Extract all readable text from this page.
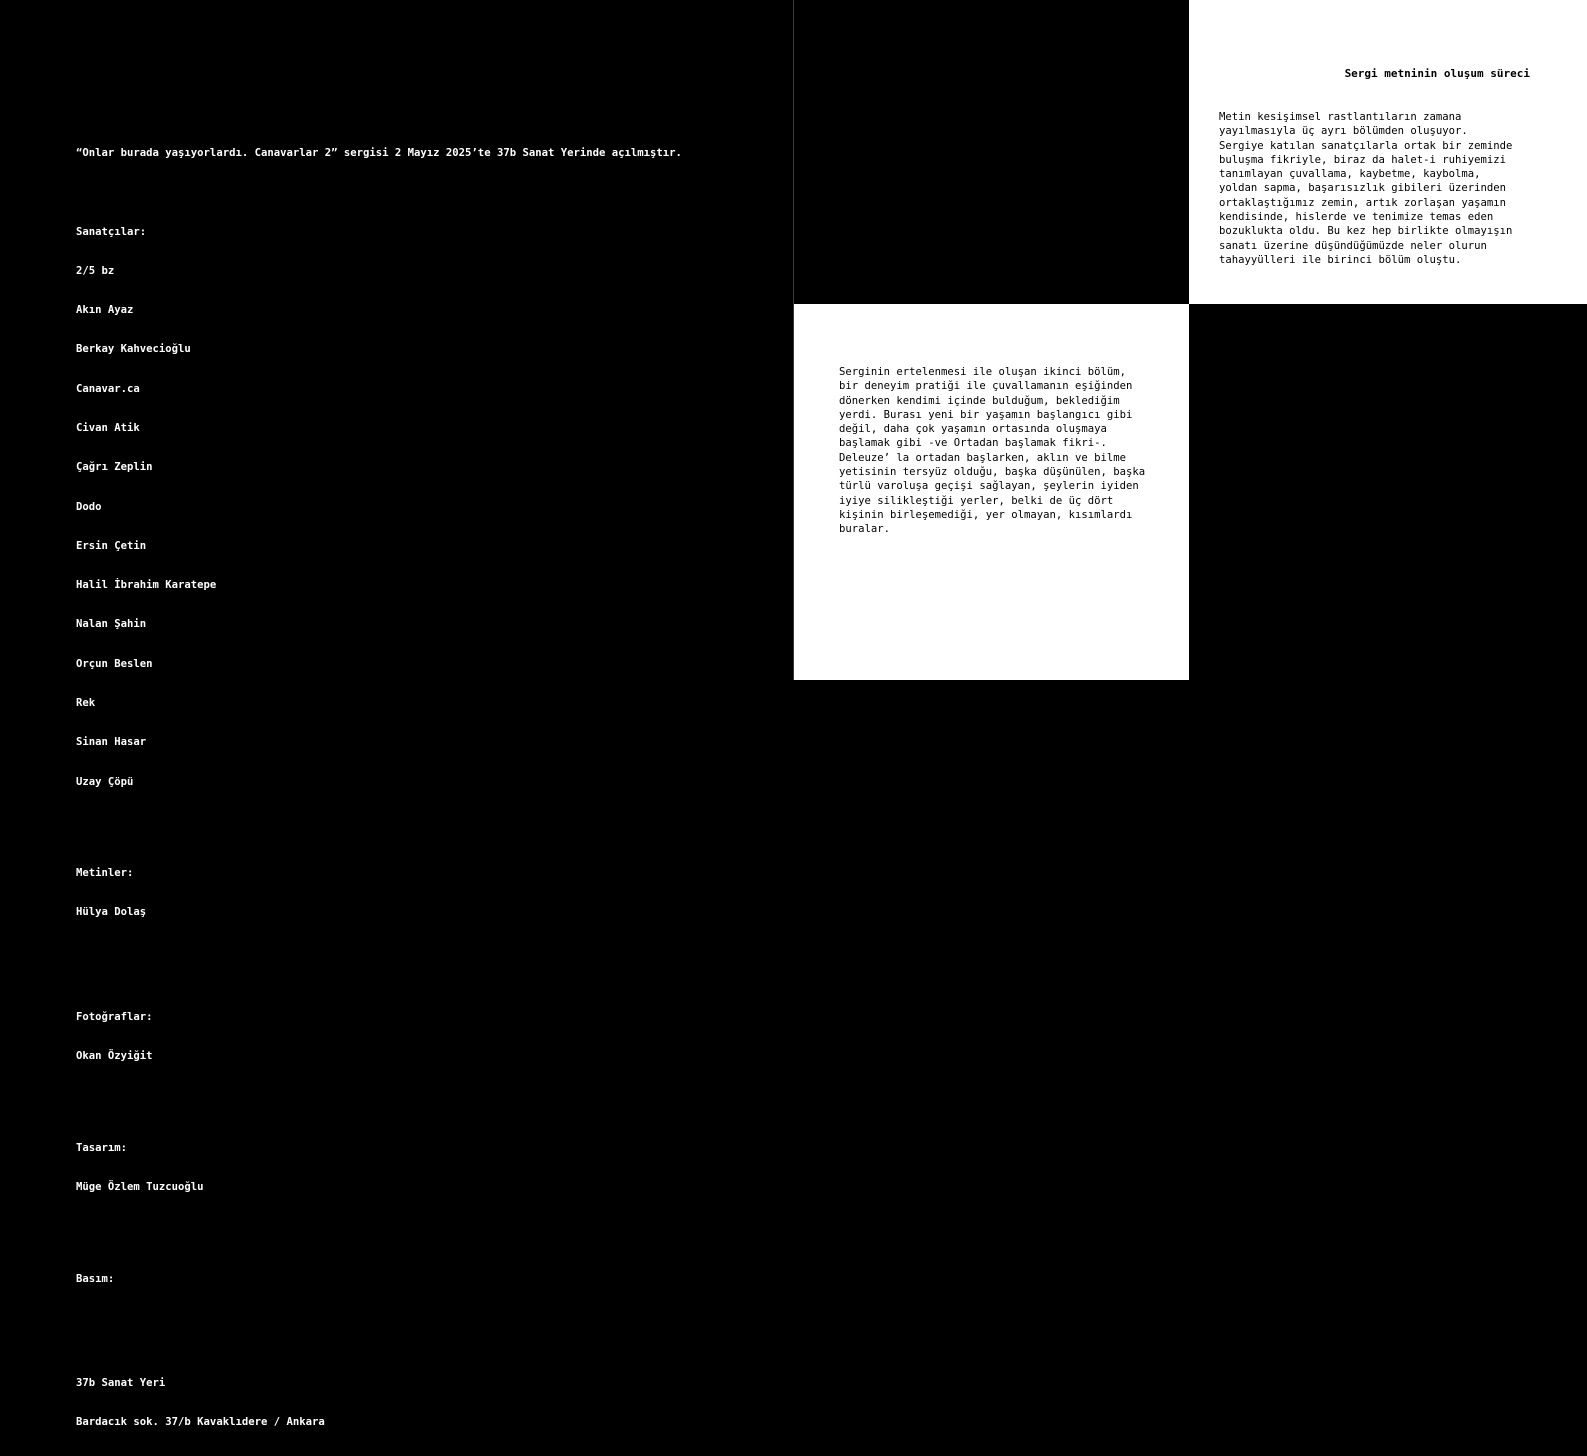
“Onlar burada yaşıyorlardı. Canavarlar 2” sergisi 2 Mayız 2025’te 37b Sanat Yerinde açılmıştır.

Sanatçılar:

2/5 bz

Akın Ayaz

Berkay Kahvecioğlu

Canavar.ca

Civan Atik

Çağrı Zeplin

Dodo

Ersin Çetin

Halil İbrahim Karatepe

Nalan Şahin

Orçun Beslen

Rek

Sinan Hasar

Uzay Çöpü

Metinler:

Hülya Dolaş

Fotoğraflar:

Okan Özyiğit

Tasarım:

Müge Özlem Tuzcuoğlu

Basım:

37b Sanat Yeri

Bardacık sok. 37/b Kavaklıdere / Ankara

Sergi metninin oluşum süreci
Metin kesişimsel rastlantıların zamana
yayılmasıyla üç ayrı bölümden oluşuyor.
Sergiye katılan sanatçılarla ortak bir zeminde
buluşma fikriyle, biraz da halet-i ruhiyemizi
tanımlayan çuvallama, kaybetme, kaybolma,
yoldan sapma, başarısızlık gibileri üzerinden
ortaklaştığımız zemin, artık zorlaşan yaşamın
kendisinde, hislerde ve tenimize temas eden
bozuklukta oldu. Bu kez hep birlikte olmayışın
sanatı üzerine düşündüğümüzde neler olurun
tahayyülleri ile birinci bölüm oluştu.
Serginin ertelenmesi ile oluşan ikinci bölüm,
bir deneyim pratiği ile çuvallamanın eşiğinden
dönerken kendimi içinde bulduğum, beklediğim
yerdi. Burası yeni bir yaşamın başlangıcı gibi
değil, daha çok yaşamın ortasında oluşmaya
başlamak gibi -ve Ortadan başlamak fikri-.
Deleuze’ la ortadan başlarken, aklın ve bilme
yetisinin tersyüz olduğu, başka düşünülen, başka
türlü varoluşa geçişi sağlayan, şeylerin iyiden
iyiye silikleştiği yerler, belki de üç dört
kişinin birleşemediği, yer olmayan, kısımlardı
buralar.
